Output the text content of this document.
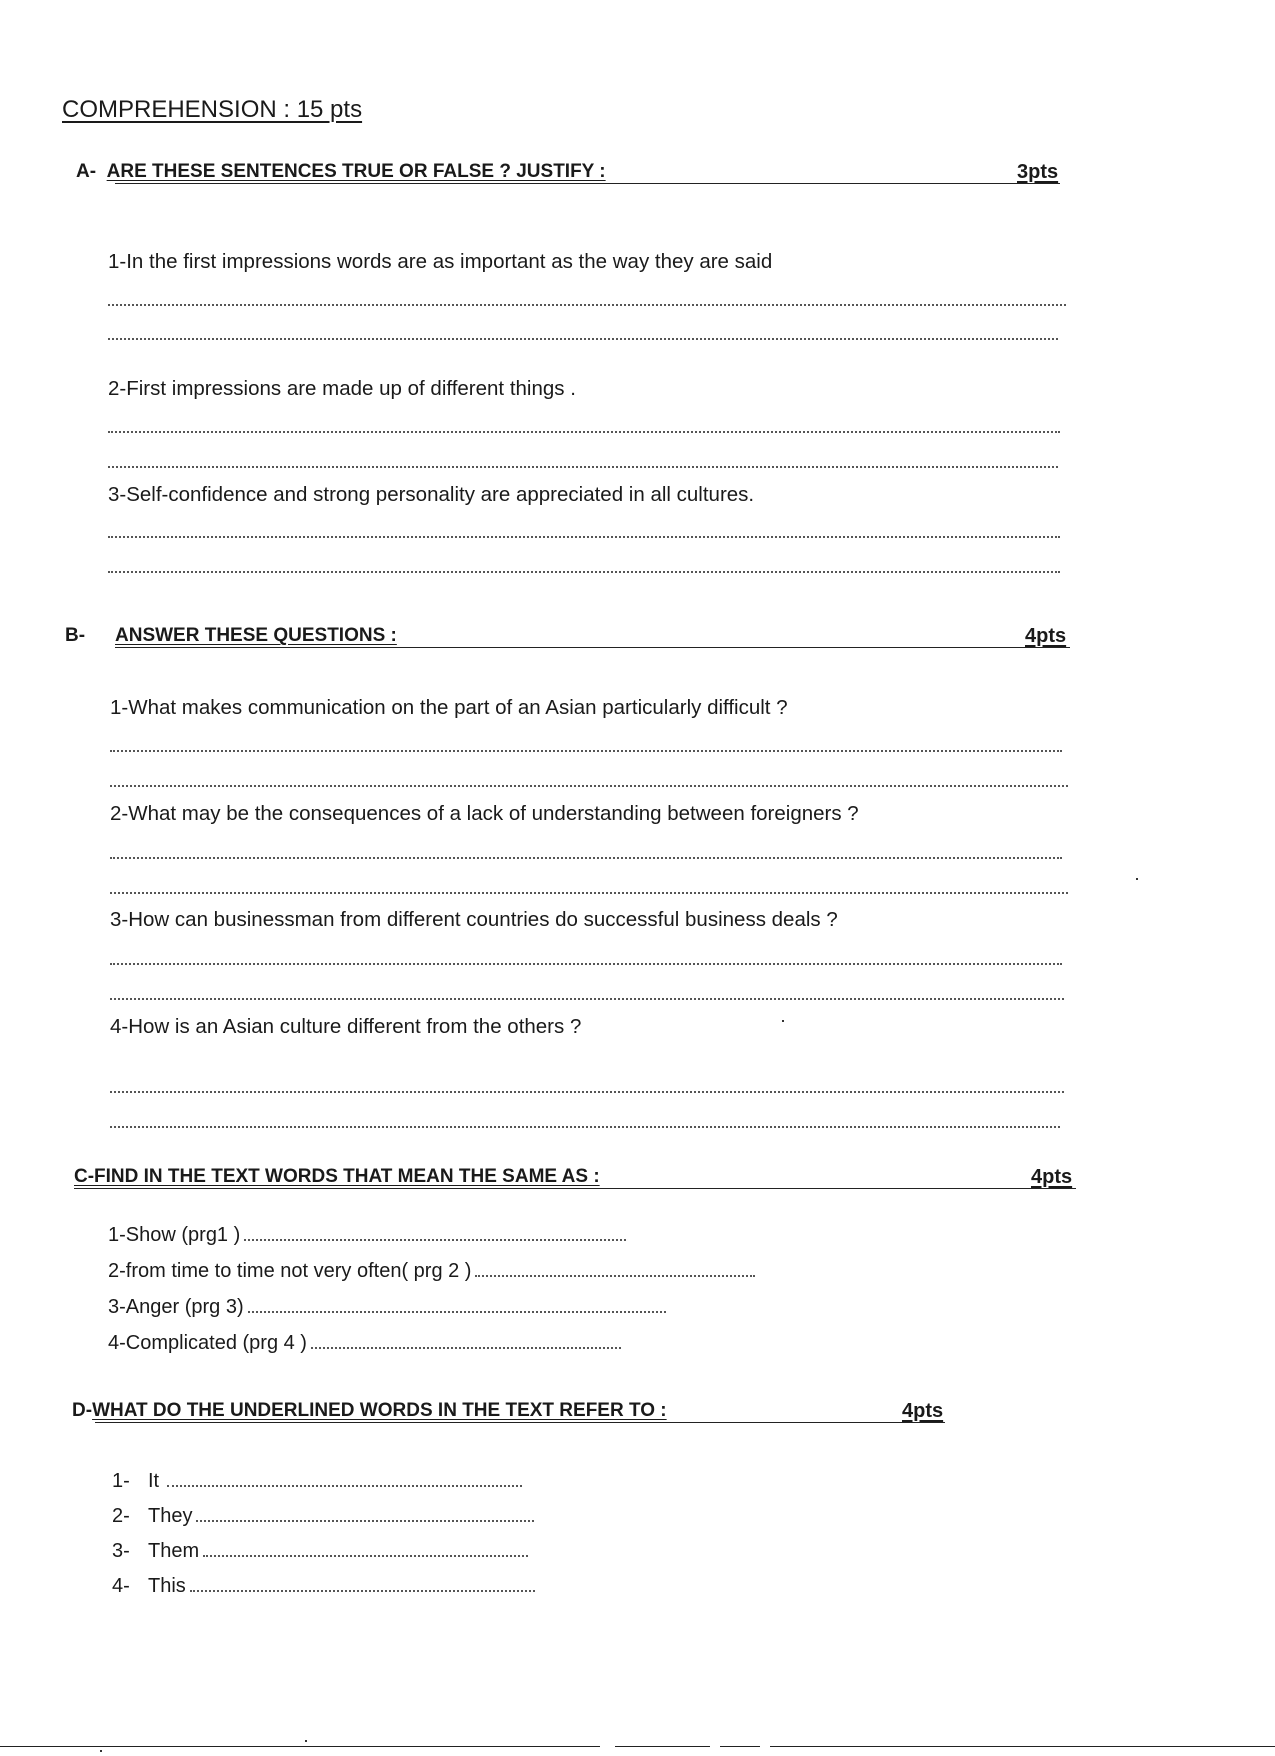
COMPREHENSION : 15 pts
A- ARE THESE SENTENCES TRUE OR FALSE ? JUSTIFY :	3pts
1-In the first impressions words are as important as the way they are said
2-First impressions are made up of different things .
3-Self-confidence and strong personality are appreciated in all cultures.
B- ANSWER THESE QUESTIONS :	4pts
1-What makes communication on the part of an Asian particularly difficult ?
2-What may be the consequences of a lack of understanding between foreigners ?
3-How can businessman from different countries do successful business deals ?
4-How is an Asian culture different from the others ?
C-FIND IN THE TEXT WORDS THAT MEAN THE SAME AS :	4pts
1-Show (prg1 )
2-from time to time not very often( prg 2 )
3-Anger (prg 3)
4-Complicated (prg 4 )
D-WHAT DO THE UNDERLINED WORDS IN THE TEXT REFER TO :	4pts
1- It
2- They
3- Them
4- This
